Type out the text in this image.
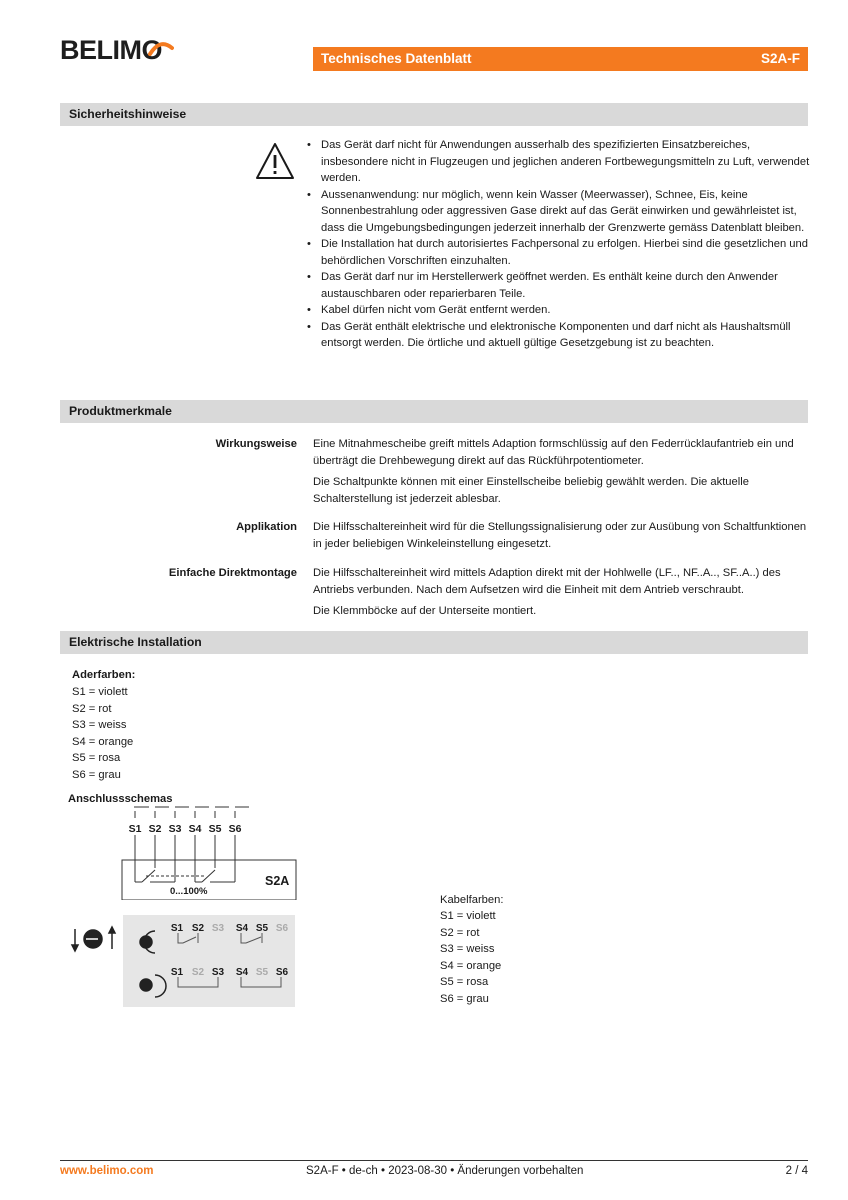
BELIMO	Technisches Datenblatt	S2A-F
Sicherheitshinweise
• Das Gerät darf nicht für Anwendungen ausserhalb des spezifizierten Einsatzbereiches, insbesondere nicht in Flugzeugen und jeglichen anderen Fortbewegungsmitteln zu Luft, verwendet werden.
• Aussenanwendung: nur möglich, wenn kein Wasser (Meerwasser), Schnee, Eis, keine Sonnenbestrahlung oder aggressiven Gase direkt auf das Gerät einwirken und gewährleistet ist, dass die Umgebungsbedingungen jederzeit innerhalb der Grenzwerte gemäss Datenblatt bleiben.
• Die Installation hat durch autorisiertes Fachpersonal zu erfolgen. Hierbei sind die gesetzlichen und behördlichen Vorschriften einzuhalten.
• Das Gerät darf nur im Herstellerwerk geöffnet werden. Es enthält keine durch den Anwender austauschbaren oder reparierbaren Teile.
• Kabel dürfen nicht vom Gerät entfernt werden.
• Das Gerät enthält elektrische und elektronische Komponenten und darf nicht als Haushaltsmüll entsorgt werden. Die örtliche und aktuell gültige Gesetzgebung ist zu beachten.
Produktmerkmale
Wirkungsweise Eine Mitnahmescheibe greift mittels Adaption formschlüssig auf den Federrücklaufantrieb ein und überträgt die Drehbewegung direkt auf das Rückführpotentiometer.

Die Schaltpunkte können mit einer Einstellscheibe beliebig gewählt werden. Die aktuelle Schalterstellung ist jederzeit ablesbar.

Applikation Die Hilfsschaltereinheit wird für die Stellungssignalisierung oder zur Ausübung von Schaltfunktionen in jeder beliebigen Winkeleinstellung eingesetzt.

Einfache Direktmontage Die Hilfsschaltereinheit wird mittels Adaption direkt mit der Hohlwelle (LF.., NF..A.., SF..A..) des Antriebs verbunden. Nach dem Aufsetzen wird die Einheit mit dem Antrieb verschraubt.

Die Klemmböcke auf der Unterseite montiert.

Elektrische Installation
Aderfarben:
S1 = violett
S2 = rot
S3 = weiss
S4 = orange
S5 = rosa
S6 = grau
Anschlussschemas
S1 S2 S3 S4 S5 S6
0...100%
S2A
S1 S2 S3 S4 S5 S6
S1 S2 S3 S4 S5 S6
Kabelfarben:
S1 = violett
S2 = rot
S3 = weiss
S4 = orange
S5 = rosa
S6 = grau
www.belimo.com	S2A-F • de-ch • 2023-08-30 • Änderungen vorbehalten	2 / 4
